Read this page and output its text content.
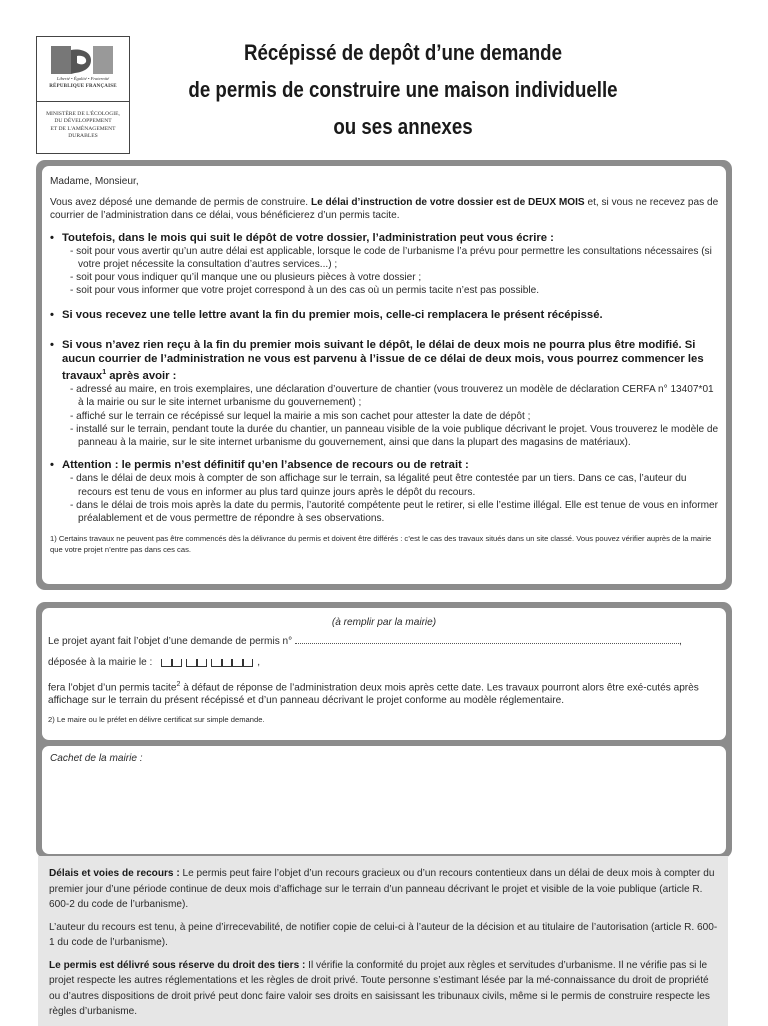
Liberté • Égalité • Fraternité
RÉPUBLIQUE FRANÇAISE
MINISTÈRE DE L'ÉCOLOGIE,
DU DÉVELOPPEMENT
ET DE L'AMÉNAGEMENT
DURABLES
Récépissé de depôt d’une demande
de permis de construire une maison individuelle
ou ses annexes

Madame, Monsieur,

Vous avez déposé une demande de permis de construire. Le délai d’instruction de votre dossier est de DEUX MOIS et, si vous ne recevez pas de courrier de l’administration dans ce délai, vous bénéficierez d’un permis tacite.

• Toutefois, dans le mois qui suit le dépôt de votre dossier, l’administration peut vous écrire :

- soit pour vous avertir qu’un autre délai est applicable, lorsque le code de l’urbanisme l’a prévu pour permettre les consultations nécessaires (si votre projet nécessite la consultation d’autres services...) ;

- soit pour vous indiquer qu’il manque une ou plusieurs pièces à votre dossier ;

- soit pour vous informer que votre projet correspond à un des cas où un permis tacite n’est pas possible.

• Si vous recevez une telle lettre avant la fin du premier mois, celle-ci remplacera le présent récépissé.
• Si vous n’avez rien reçu à la fin du premier mois suivant le dépôt, le délai de deux mois ne pourra plus être modifié. Si aucun courrier de l’administration ne vous est parvenu à l’issue de ce délai de deux mois, vous pourrez commencer les travaux$^1$ après avoir :

- adressé au maire, en trois exemplaires, une déclaration d’ouverture de chantier (vous trouverez un modèle de déclaration CERFA n° 13407*01 à la mairie ou sur le site internet urbanisme du gouvernement) ;

- affiché sur le terrain ce récépissé sur lequel la mairie a mis son cachet pour attester la date de dépôt ;

- installé sur le terrain, pendant toute la durée du chantier, un panneau visible de la voie publique décrivant le projet. Vous trouverez le modèle de panneau à la mairie, sur le site internet urbanisme du gouvernement, ainsi que dans la plupart des magasins de matériaux).

• Attention : le permis n’est définitif qu’en l’absence de recours ou de retrait :

- dans le délai de deux mois à compter de son affichage sur le terrain, sa légalité peut être contestée par un tiers. Dans ce cas, l’auteur du recours est tenu de vous en informer au plus tard quinze jours après le dépôt du recours.

- dans le délai de trois mois après la date du permis, l’autorité compétente peut le retirer, si elle l’estime illégal. Elle est tenue de vous en informer préalablement et de vous permettre de répondre à ses observations.

1) Certains travaux ne peuvent pas être commencés dès la délivrance du permis et doivent être différés : c’est le cas des travaux situés dans un site classé. Vous pouvez vérifier auprès de la mairie que votre projet n’entre pas dans ces cas.

(à remplir par la mairie)

Le projet ayant fait l’objet d’une demande de permis n°	,

déposée à la mairie le :	,

fera l’objet d’un permis tacite$^2$ à défaut de réponse de l’administration deux mois après cette date. Les travaux pourront alors être exé-cutés après affichage sur le terrain du présent récépissé et d’un panneau décrivant le projet conforme au modèle réglementaire.

2) Le maire ou le préfet en délivre certificat sur simple demande.

Cachet de la mairie :

Délais et voies de recours : Le permis peut faire l’objet d’un recours gracieux ou d’un recours contentieux dans un délai de deux mois à compter du premier jour d’une période continue de deux mois d’affichage sur le terrain d’un panneau décrivant le projet et visible de la voie publique (article R. 600-2 du code de l’urbanisme).

L’auteur du recours est tenu, à peine d’irrecevabilité, de notifier copie de celui-ci à l’auteur de la décision et au titulaire de l’autorisation (article R. 600-1 du code de l’urbanisme).

Le permis est délivré sous réserve du droit des tiers : Il vérifie la conformité du projet aux règles et servitudes d’urbanisme. Il ne vérifie pas si le projet respecte les autres réglementations et les règles de droit privé. Toute personne s’estimant lésée par la mé-connaissance du droit de propriété ou d’autres dispositions de droit privé peut donc faire valoir ses droits en saisissant les tribunaux civils, même si le permis de construire respecte les règles d’urbanisme.
